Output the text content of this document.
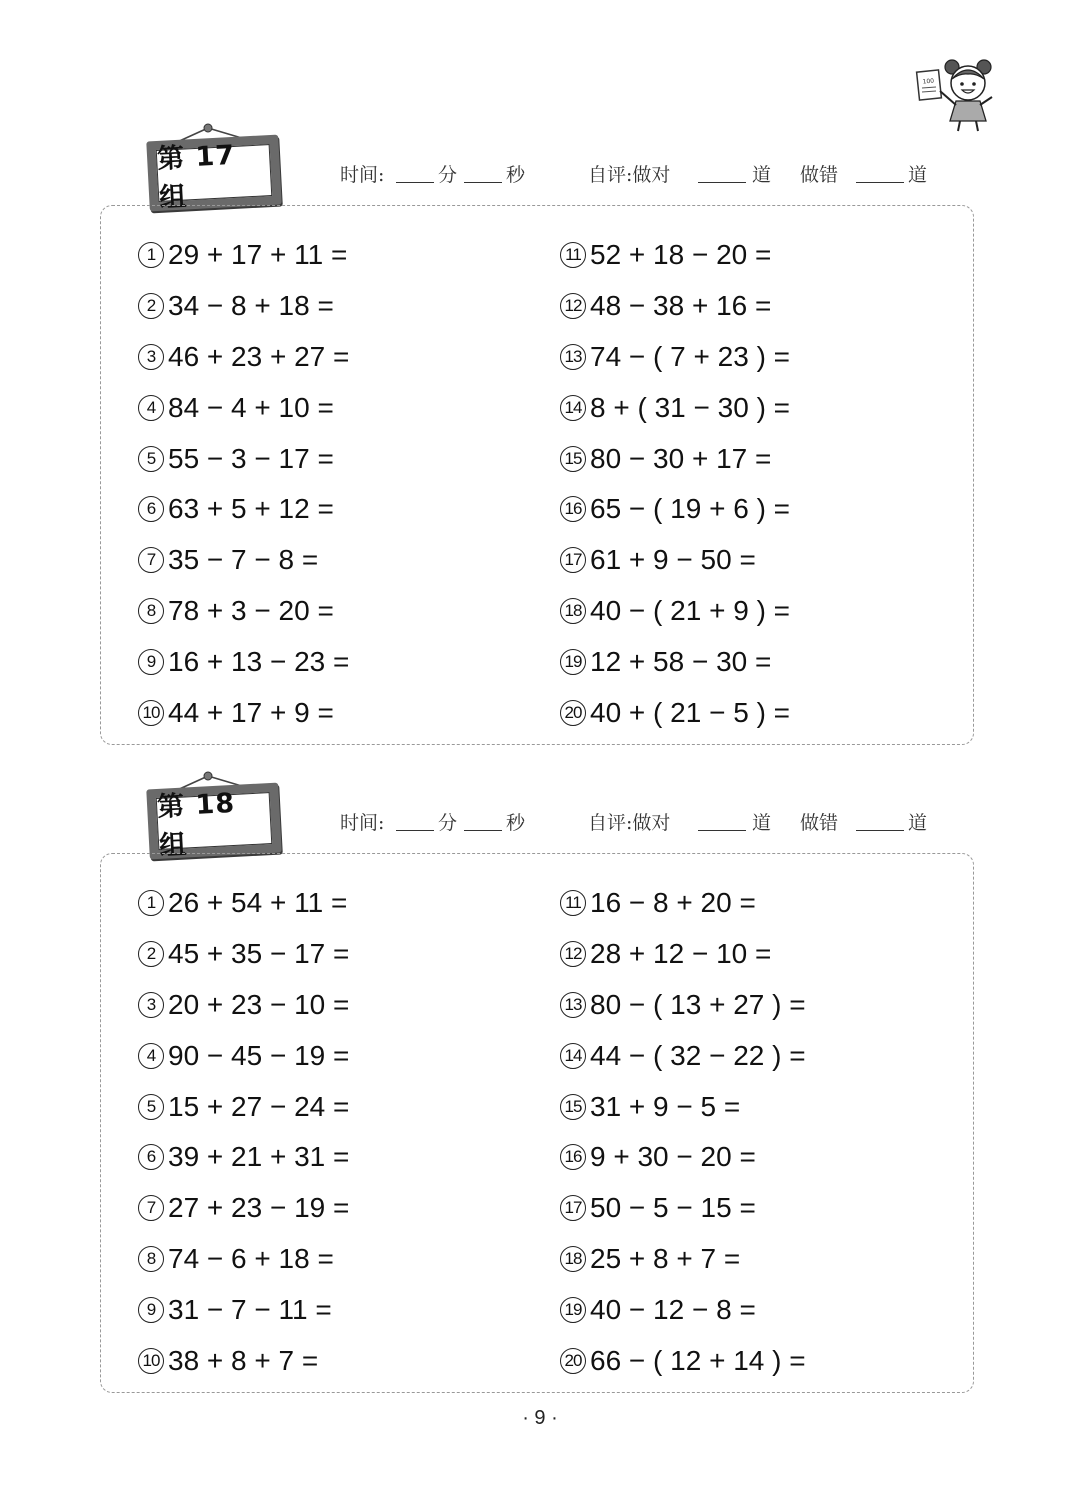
100
第 17 组
时间:	分	秒	自评:做对	道 做错	道
1 29 + 17 + 11 =
2 34 − 8 + 18 =
3 46 + 23 + 27 =
4 84 − 4 + 10 =
5 55 − 3 − 17 =
6 63 + 5 + 12 =
7 35 − 7 − 8 =
8 78 + 3 − 20 =
9 16 + 13 − 23 =
10 44 + 17 + 9 =
11 52 + 18 − 20 =
12 48 − 38 + 16 =
13 74 − ( 7 + 23 ) =
14 8 + ( 31 − 30 ) =
15 80 − 30 + 17 =
16 65 − ( 19 + 6 ) =
17 61 + 9 − 50 =
18 40 − ( 21 + 9 ) =
19 12 + 58 − 30 =
20 40 + ( 21 − 5 ) =
第 18 组
时间:	分	秒	自评:做对	道 做错	道
1 26 + 54 + 11 =
2 45 + 35 − 17 =
3 20 + 23 − 10 =
4 90 − 45 − 19 =
5 15 + 27 − 24 =
6 39 + 21 + 31 =
7 27 + 23 − 19 =
8 74 − 6 + 18 =
9 31 − 7 − 11 =
10 38 + 8 + 7 =
11 16 − 8 + 20 =
12 28 + 12 − 10 =
13 80 − ( 13 + 27 ) =
14 44 − ( 32 − 22 ) =
15 31 + 9 − 5 =
16 9 + 30 − 20 =
17 50 − 5 − 15 =
18 25 + 8 + 7 =
19 40 − 12 − 8 =
20 66 − ( 12 + 14 ) =
· 9 ·
